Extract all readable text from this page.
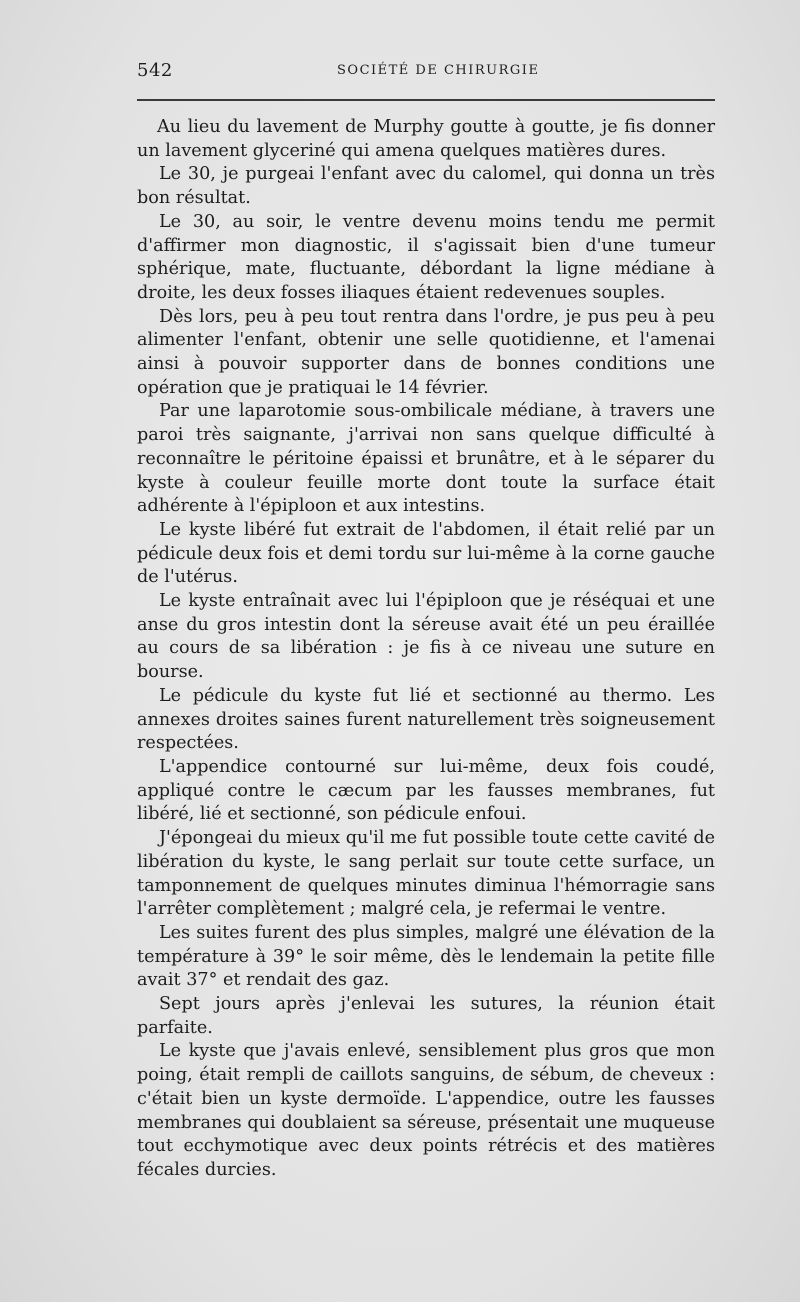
542	SOCIÉTÉ DE CHIRURGIE

Au lieu du lavement de Murphy goutte à goutte, je fis donner un lavement glyceriné qui amena quelques matières dures.

Le 30, je purgeai l'enfant avec du calomel, qui donna un très bon résultat.

Le 30, au soir, le ventre devenu moins tendu me permit d'affirmer mon diagnostic, il s'agissait bien d'une tumeur sphérique, mate, fluctuante, débordant la ligne médiane à droite, les deux fosses iliaques étaient redevenues souples.

Dès lors, peu à peu tout rentra dans l'ordre, je pus peu à peu alimenter l'enfant, obtenir une selle quotidienne, et l'amenai ainsi à pouvoir supporter dans de bonnes conditions une opération que je pratiquai le 14 février.

Par une laparotomie sous-ombilicale médiane, à travers une paroi très saignante, j'arrivai non sans quelque difficulté à reconnaître le péritoine épaissi et brunâtre, et à le séparer du kyste à couleur feuille morte dont toute la surface était adhérente à l'épiploon et aux intestins.

Le kyste libéré fut extrait de l'abdomen, il était relié par un pédicule deux fois et demi tordu sur lui-même à la corne gauche de l'utérus.

Le kyste entraînait avec lui l'épiploon que je réséquai et une anse du gros intestin dont la séreuse avait été un peu éraillée au cours de sa libération : je fis à ce niveau une suture en bourse.

Le pédicule du kyste fut lié et sectionné au thermo. Les annexes droites saines furent naturellement très soigneusement respectées.

L'appendice contourné sur lui-même, deux fois coudé, appliqué contre le cæcum par les fausses membranes, fut libéré, lié et sectionné, son pédicule enfoui.

J'épongeai du mieux qu'il me fut possible toute cette cavité de libération du kyste, le sang perlait sur toute cette surface, un tamponnement de quelques minutes diminua l'hémorragie sans l'arrêter complètement ; malgré cela, je refermai le ventre.

Les suites furent des plus simples, malgré une élévation de la température à 39° le soir même, dès le lendemain la petite fille avait 37° et rendait des gaz.

Sept jours après j'enlevai les sutures, la réunion était parfaite.

Le kyste que j'avais enlevé, sensiblement plus gros que mon poing, était rempli de caillots sanguins, de sébum, de cheveux : c'était bien un kyste dermoïde. L'appendice, outre les fausses membranes qui doublaient sa séreuse, présentait une muqueuse tout ecchymotique avec deux points rétrécis et des matières fécales durcies.
